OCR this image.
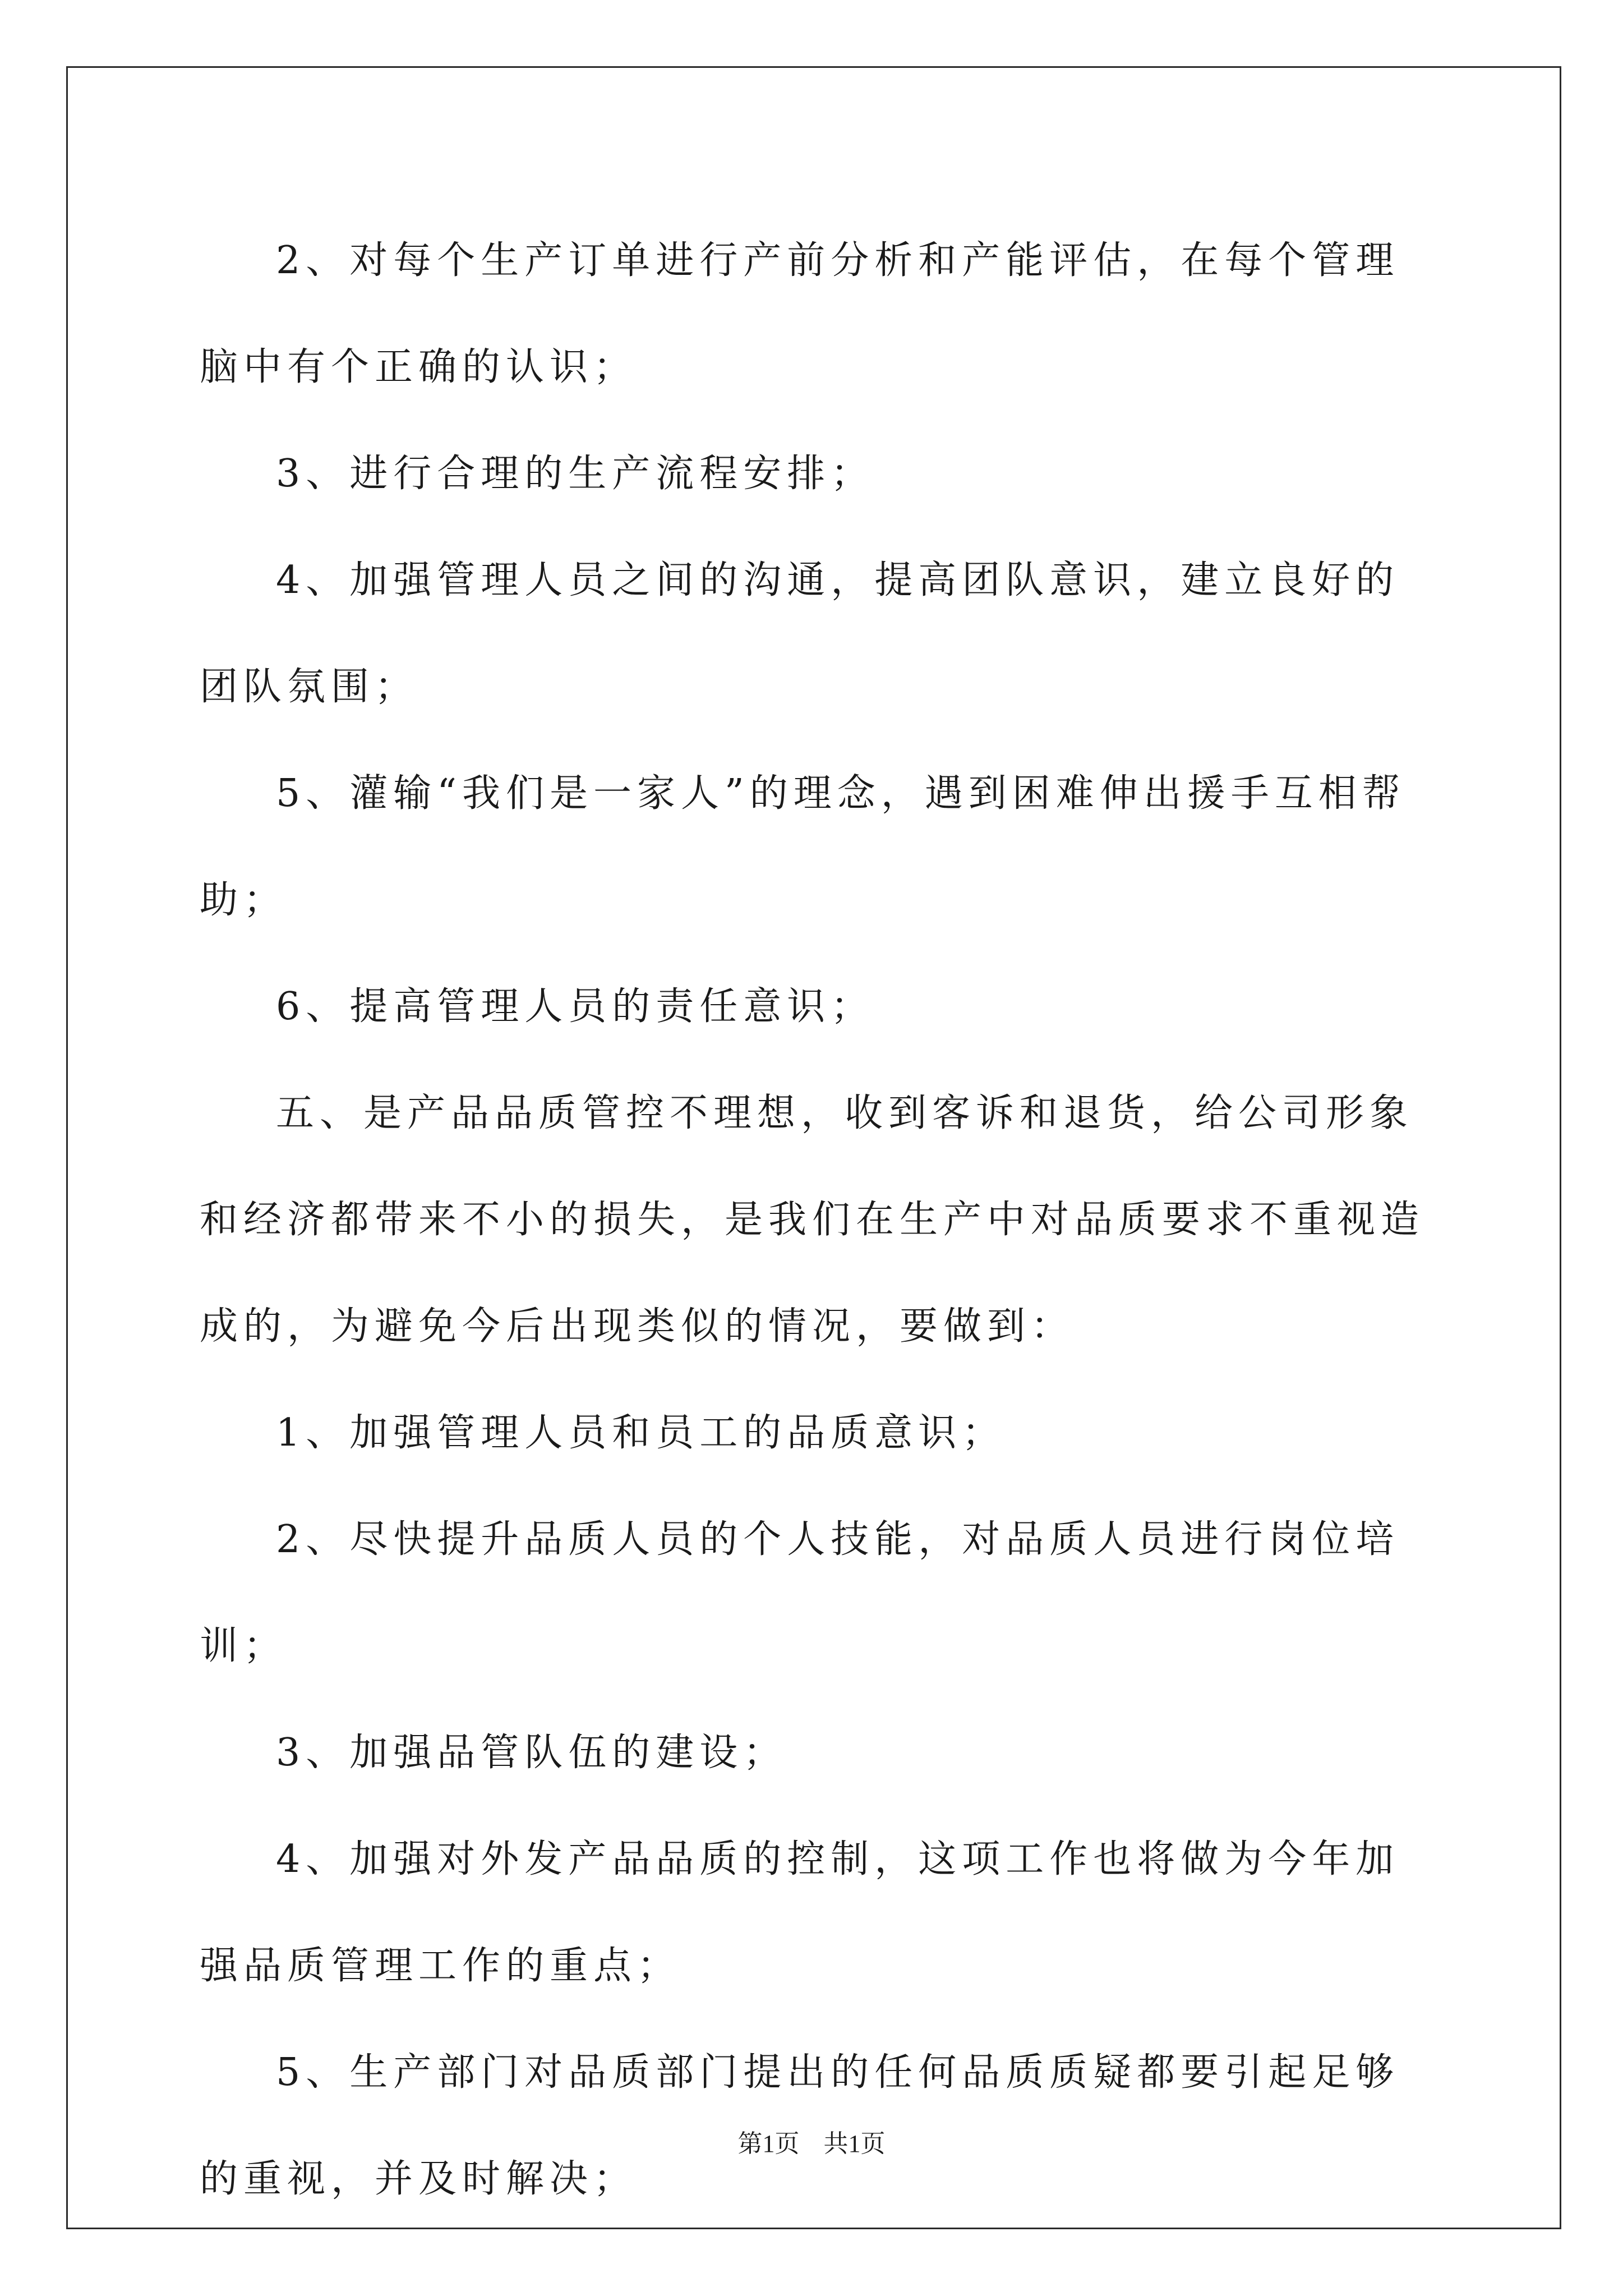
2、对每个生产订单进行产前分析和产能评估，在每个管理脑中有个正确的认识；

3、进行合理的生产流程安排；

4、加强管理人员之间的沟通，提高团队意识，建立良好的团队氛围；

5、灌输“我们是一家人”的理念，遇到困难伸出援手互相帮助；

6、提高管理人员的责任意识；

五、是产品品质管控不理想，收到客诉和退货，给公司形象和经济都带来不小的损失，是我们在生产中对品质要求不重视造成的，为避免今后出现类似的情况，要做到：

1、加强管理人员和员工的品质意识；

2、尽快提升品质人员的个人技能，对品质人员进行岗位培训；

3、加强品管队伍的建设；

4、加强对外发产品品质的控制，这项工作也将做为今年加强品质管理工作的重点；

5、生产部门对品质部门提出的任何品质质疑都要引起足够的重视，并及时解决；

第1页 共1页
